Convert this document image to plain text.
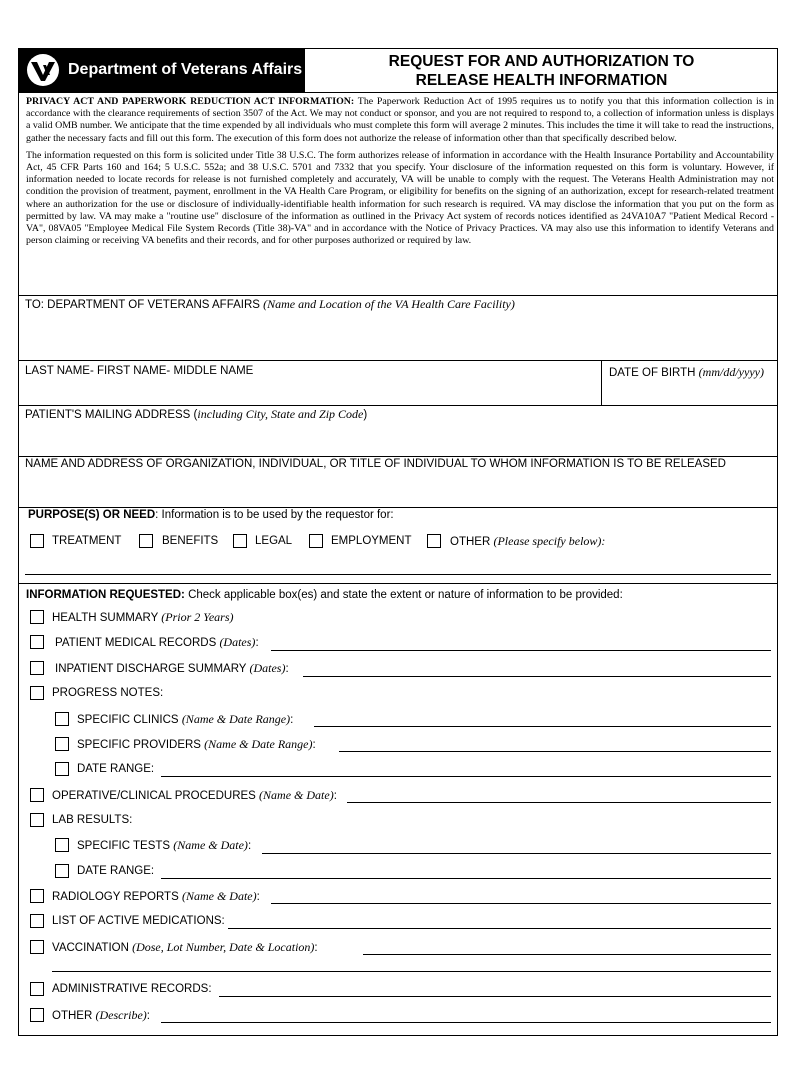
Department of Veterans Affairs	REQUEST FOR AND AUTHORIZATION TO
RELEASE HEALTH INFORMATION

PRIVACY ACT AND PAPERWORK REDUCTION ACT INFORMATION: The Paperwork Reduction Act of 1995 requires us to notify you that this information collection is in accordance with the clearance requirements of section 3507 of the Act. We may not conduct or sponsor, and you are not required to respond to, a collection of information unless is displays a valid OMB number. We anticipate that the time expended by all individuals who must complete this form will average 2 minutes. This includes the time it will take to read the instructions, gather the necessary facts and fill out this form. The execution of this form does not authorize the release of information other than that specifically described below.

The information requested on this form is solicited under Title 38 U.S.C. The form authorizes release of information in accordance with the Health Insurance Portability and Accountability Act, 45 CFR Parts 160 and 164; 5 U.S.C. 552a; and 38 U.S.C. 5701 and 7332 that you specify. Your disclosure of the information requested on this form is voluntary. However, if information needed to locate records for release is not furnished completely and accurately, VA will be unable to comply with the request. The Veterans Health Administration may not condition the provision of treatment, payment, enrollment in the VA Health Care Program, or eligibility for benefits on the signing of an authorization, except for research-related treatment where an authorization for the use or disclosure of individually-identifiable health information for such research is required. VA may disclose the information that you put on the form as permitted by law. VA may make a "routine use" disclosure of the information as outlined in the Privacy Act system of records notices identified as 24VA10A7 "Patient Medical Record - VA", 08VA05 "Employee Medical File System Records (Title 38)-VA" and in accordance with the Notice of Privacy Practices. VA may also use this information to identify Veterans and person claiming or receiving VA benefits and their records, and for other purposes authorized or required by law.

TO: DEPARTMENT OF VETERANS AFFAIRS (Name and Location of the VA Health Care Facility)
LAST NAME- FIRST NAME- MIDDLE NAME	DATE OF BIRTH (mm/dd/yyyy)
PATIENT'S MAILING ADDRESS (including City, State and Zip Code)
NAME AND ADDRESS OF ORGANIZATION, INDIVIDUAL, OR TITLE OF INDIVIDUAL TO WHOM INFORMATION IS TO BE RELEASED
PURPOSE(S) OR NEED: Information is to be used by the requestor for:
TREATMENT	BENEFITS	LEGAL	EMPLOYMENT	OTHER (Please specify below):
INFORMATION REQUESTED: Check applicable box(es) and state the extent or nature of information to be provided:
HEALTH SUMMARY (Prior 2 Years)
PATIENT MEDICAL RECORDS (Dates):
INPATIENT DISCHARGE SUMMARY (Dates):
PROGRESS NOTES:
SPECIFIC CLINICS (Name & Date Range):
SPECIFIC PROVIDERS (Name & Date Range):
DATE RANGE:
OPERATIVE/CLINICAL PROCEDURES (Name & Date):
LAB RESULTS:
SPECIFIC TESTS (Name & Date):
DATE RANGE:
RADIOLOGY REPORTS (Name & Date):
LIST OF ACTIVE MEDICATIONS:
VACCINATION (Dose, Lot Number, Date & Location):
ADMINISTRATIVE RECORDS:
OTHER (Describe):
